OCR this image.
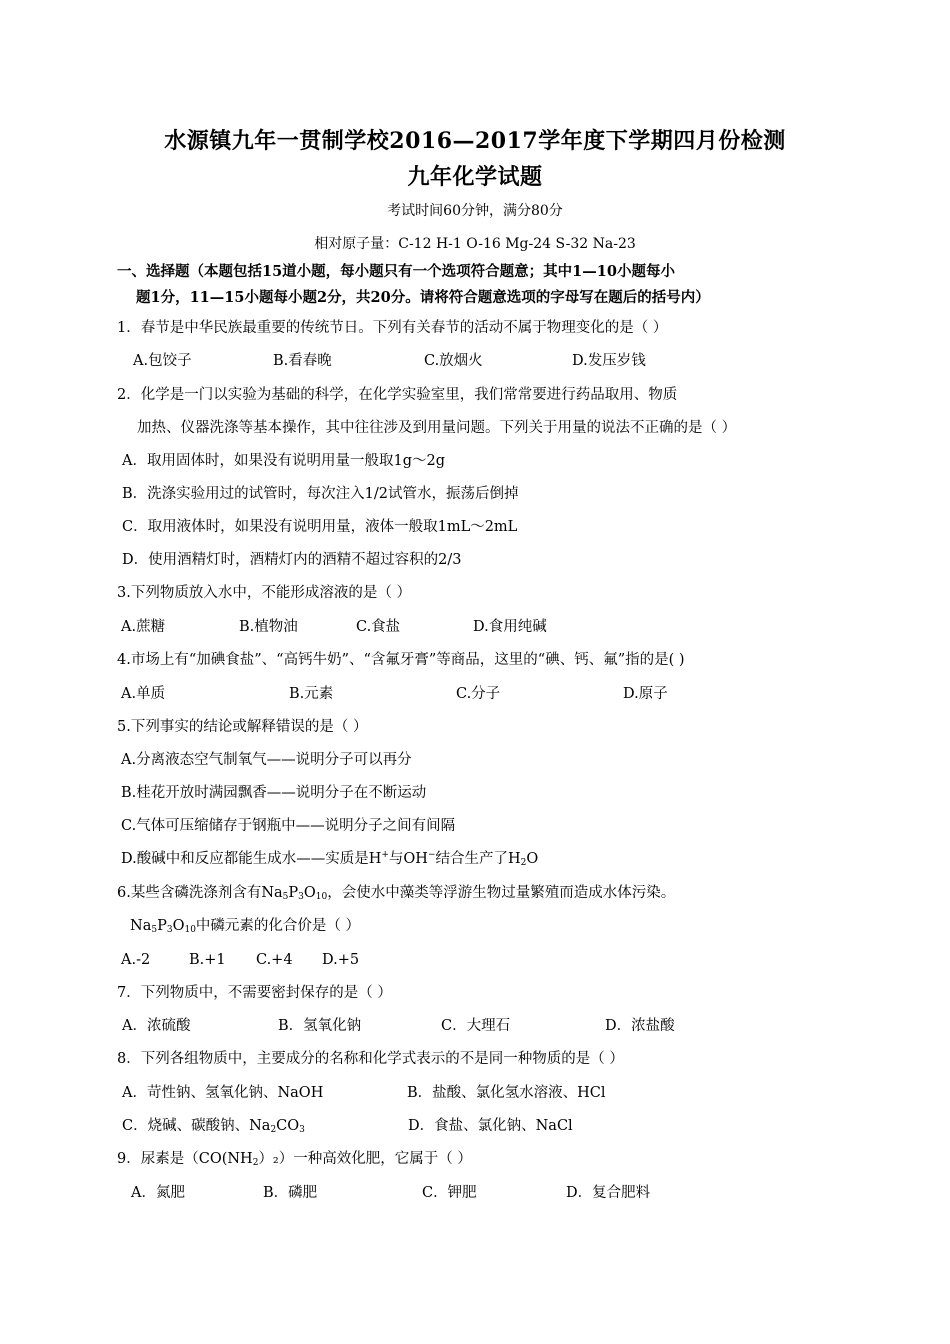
水源镇九年一贯制学校2016—2017学年度下学期四月份检测
九年化学试题
考试时间60分钟，满分80分
相对原子量：C-12 H-1 O-16 Mg-24 S-32 Na-23
一、选择题（本题包括15道小题，每小题只有一个选项符合题意；其中1—10小题每小
题1分，11—15小题每小题2分，共20分。请将符合题意选项的字母写在题后的括号内）
1．春节是中华民族最重要的传统节日。下列有关春节的活动不属于物理变化的是（ ）
A.包饺子	B.看春晚	C.放烟火	D.发压岁钱
2．化学是一门以实验为基础的科学，在化学实验室里，我们常常要进行药品取用、物质
加热、仪器洗涤等基本操作，其中往往涉及到用量问题。下列关于用量的说法不正确的是（ ）
A．取用固体时，如果没有说明用量一般取1g～2g
B．洗涤实验用过的试管时，每次注入1/2试管水，振荡后倒掉
C．取用液体时，如果没有说明用量，液体一般取1mL～2mL
D．使用酒精灯时，酒精灯内的酒精不超过容积的2/3
3.下列物质放入水中，不能形成溶液的是（ ）
A.蔗糖	B.植物油	C.食盐	D.食用纯碱
4.市场上有“加碘食盐”、“高钙牛奶”、“含氟牙膏”等商品，这里的“碘、钙、氟”指的是( )
A.单质	B.元素	C.分子	D.原子
5.下列事实的结论或解释错误的是（ ）
A.分离液态空气制氧气——说明分子可以再分
B.桂花开放时满园飘香——说明分子在不断运动
C.气体可压缩储存于钢瓶中——说明分子之间有间隔
D.酸碱中和反应都能生成水——实质是H+与OH−结合生产了$H_2O$
6.某些含磷洗涤剂含有$Na_5P_3O_{10}$，会使水中藻类等浮游生物过量繁殖而造成水体污染。
$Na_5P_3O_{10}$中磷元素的化合价是（ ）
A.-2	B.+1 C.+4 D.+5
7．下列物质中，不需要密封保存的是（ ）
A．浓硫酸	B．氢氧化钠	C．大理石	D．浓盐酸
8．下列各组物质中，主要成分的名称和化学式表示的不是同一种物质的是（ ）
A．苛性钠、氢氧化钠、NaOH	B．盐酸、氯化氢水溶液、HCl
C．烧碱、碳酸钠、$Na_2CO_3$	D．食盐、氯化钠、NaCl
9．尿素是$(CO(NH_2)_2)$一种高效化肥，它属于（ ）
A．氮肥	B．磷肥	C．钾肥	D．复合肥料
